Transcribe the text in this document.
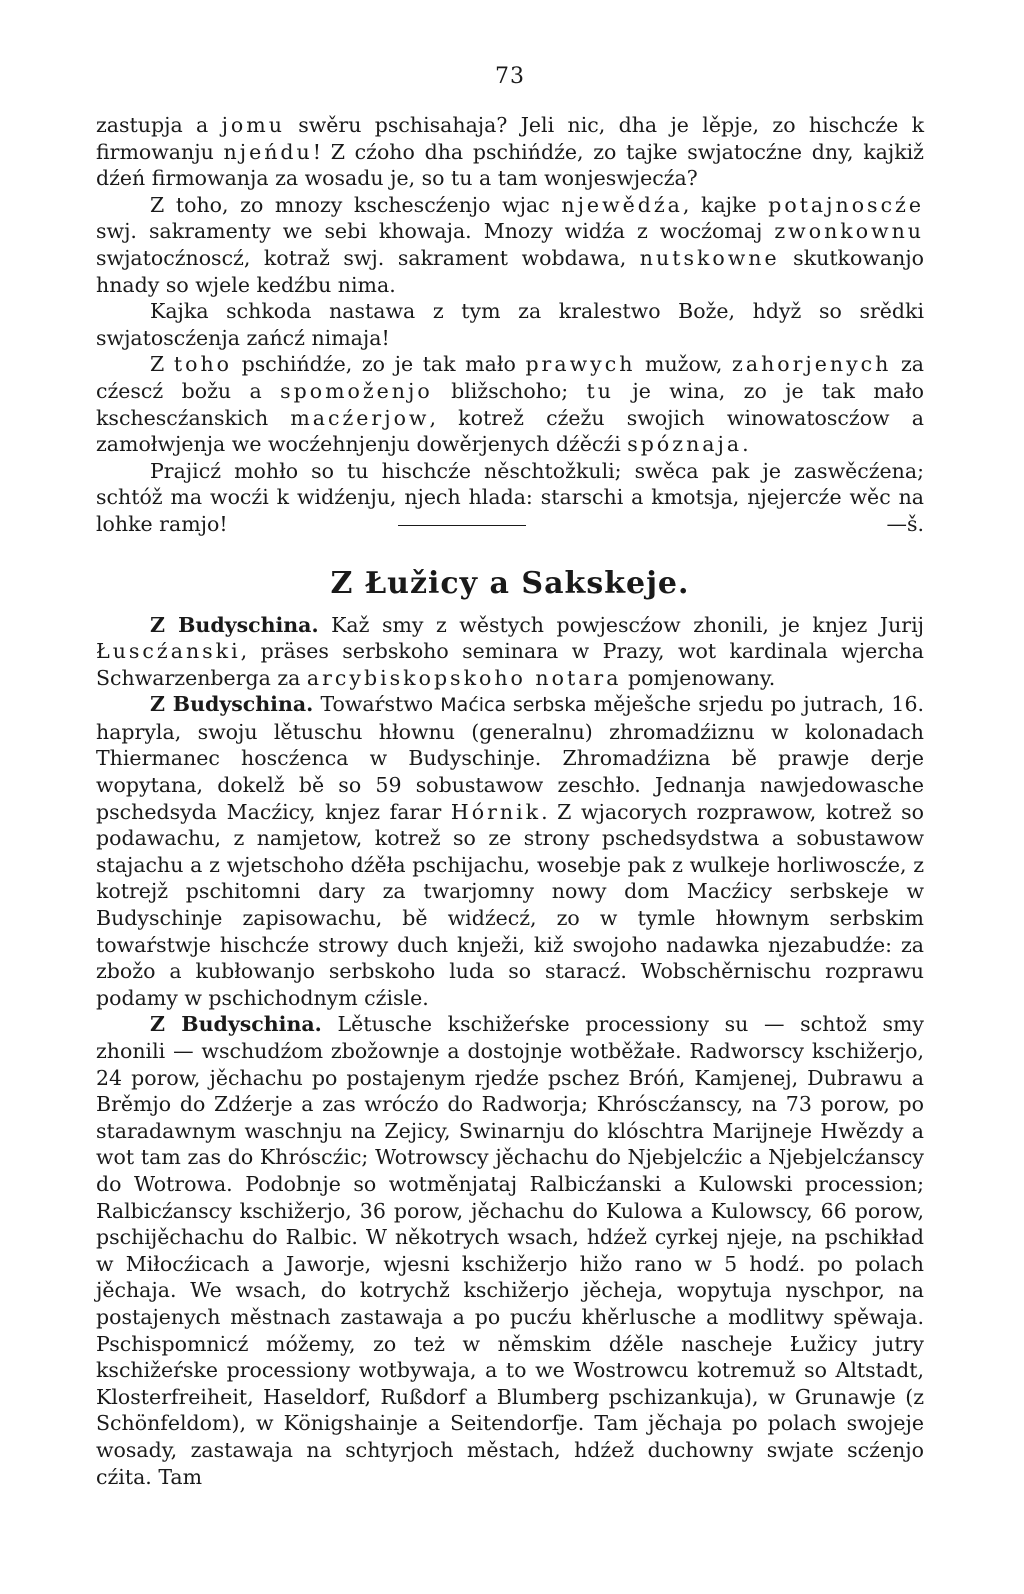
73

zastupja a jomu swěru pschisahaja? Jeli nic, dha je lěpje, zo hischcźe k firmowanju njeńdu! Z cźoho dha pschińdźe, zo tajke swjatocźne dny, kajkiž dźeń firmowanja za wosadu je, so tu a tam wonjeswjecźa?

Z toho, zo mnozy kschescźenjo wjac njewědźa, kajke potajnoscźe swj. sakramenty we sebi khowaja. Mnozy widźa z wocźomaj zwonkownu swjatocźnoscź, kotraž swj. sakrament wobdawa, nutskowne skutkowanjo hnady so wjele kedźbu nima.

Kajka schkoda nastawa z tym za kralestwo Bože, hdyž so srědki swjatoscźenja zańcź nimaja!

Z toho pschińdźe, zo je tak mało prawych mužow, zahorjenych za cźescź božu a spomoženjo bližschoho; tu je wina, zo je tak mało kschescźanskich macźerjow, kotrež cźežu swojich winowatoscźow a zamołwjenja we wocźehnjenju dowěrjenych dźěcźi spóznaja.

Prajicź mohło so tu hischcźe něschtožkuli; swěca pak je zaswěcźena; schtóž ma wocźi k widźenju, njech hlada: starschi a kmotsja, njejercźe wěc na lohke ramjo!	—š.

Z Łužicy a Sakskeje.

Z Budyschina. Kaž smy z wěstych powjescźow zhonili, je knjez Jurij Łuscźanski, präses serbskoho seminara w Prazy, wot kardinala wjercha Schwarzenberga za arcybiskopskoho notara pomjenowany.

Z Budyschina. Towaŕstwo Maćica serbska měješche srjedu po jutrach, 16. hapryla, swoju lětuschu hłownu (generalnu) zhromadźiznu w kolonadach Thiermanec hoscźenca w Budyschinje. Zhromadźizna bě prawje derje wopytana, dokelž bě so 59 sobustawow zeschło. Jednanja nawjedowasche pschedsyda Macźicy, knjez farar Hórnik. Z wjacorych rozprawow, kotrež so podawachu, z namjetow, kotrež so ze strony pschedsydstwa a sobustawow stajachu a z wjetschoho dźěła pschijachu, wosebje pak z wulkeje horliwoscźe, z kotrejž pschitomni dary za twarjomny nowy dom Macźicy serbskeje w Budyschinje zapisowachu, bě widźecź, zo w tymle hłownym serbskim towaŕstwje hischcźe strowy duch knježi, kiž swojoho nadawka njezabudźe: za zbožo a kubłowanjo serbskoho luda so staracź. Wobschěrnischu rozprawu podamy w pschichodnym cźisle.

Z Budyschina. Lětusche kschižeŕske processiony su — schtož smy zhonili — wschudźom zbožownje a dostojnje wotběžałe. Radworscy kschižerjo, 24 porow, jěchachu po postajenym rjedźe pschez Bróń, Kamjenej, Dubrawu a Brěmjo do Zdźerje a zas wrócźo do Radworja; Khróscźanscy, na 73 porow, po staradawnym waschnju na Zejicy, Swinarnju do klóschtra Marijneje Hwězdy a wot tam zas do Khróscźic; Wotrowscy jěchachu do Njebjelcźic a Njebjelcźanscy do Wotrowa. Podobnje so wotměnjataj Ralbicźanski a Kulowski procession; Ralbicźanscy kschižerjo, 36 porow, jěchachu do Kulowa a Kulowscy, 66 porow, pschijěchachu do Ralbic. W někotrych wsach, hdźež cyrkej njeje, na pschikład w Miłocźicach a Jaworje, wjesni kschižerjo hižo rano w 5 hodź. po polach jěchaja. We wsach, do kotrychž kschižerjo jěcheja, wopytuja nyschpor, na postajenych městnach zastawaja a po pucźu khěrlusche a modlitwy spěwaja. Pschispomnicź móžemy, zo też w němskim dźěle nascheje Łužicy jutry kschižeŕske processiony wotbywaja, a to we Wostrowcu kotremuž so Altstadt, Klosterfreiheit, Haseldorf, Rußdorf a Blumberg pschizankuja), w Grunawje (z Schönfeldom), w Königshainje a Seitendorfje. Tam jěchaja po polach swojeje wosady, zastawaja na schtyrjoch městach, hdźež duchowny swjate scźenjo cźita. Tam
